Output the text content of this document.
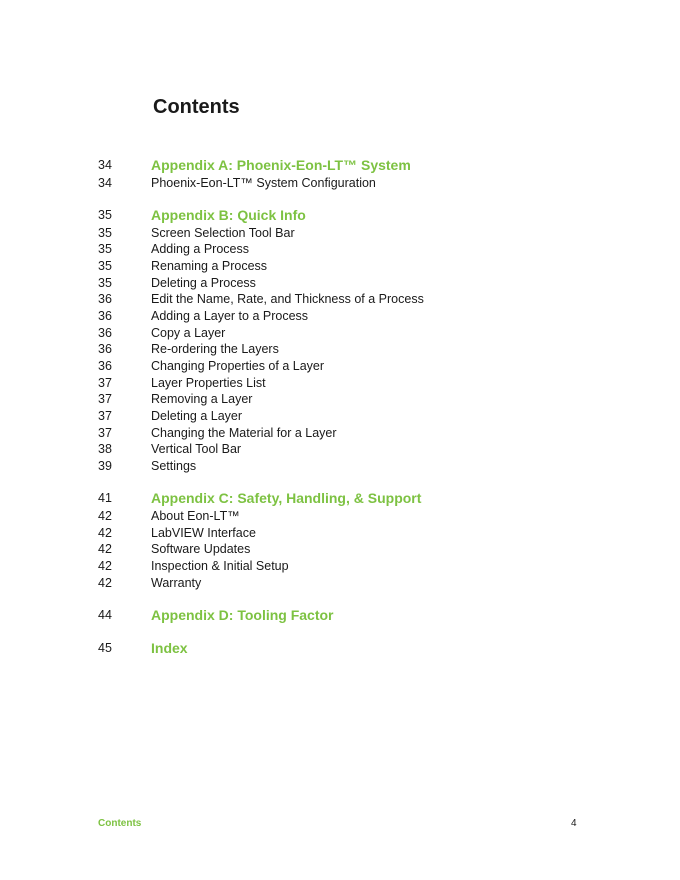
Contents
34	Appendix A: Phoenix-Eon-LT™ System
34	Phoenix-Eon-LT™ System Configuration
35	Appendix B: Quick Info
35	Screen Selection Tool Bar
35	Adding a Process
35	Renaming a Process
35	Deleting a Process
36	Edit the Name, Rate, and Thickness of a Process
36	Adding a Layer to a Process
36	Copy a Layer
36	Re-ordering the Layers
36	Changing Properties of a Layer
37	Layer Properties List
37	Removing a Layer
37	Deleting a Layer
37	Changing the Material for a Layer
38	Vertical Tool Bar
39	Settings
41	Appendix C: Safety, Handling, & Support
42	About Eon-LT™
42	LabVIEW Interface
42	Software Updates
42	Inspection & Initial Setup
42	Warranty
44	Appendix D: Tooling Factor
45	Index
Contents	4
